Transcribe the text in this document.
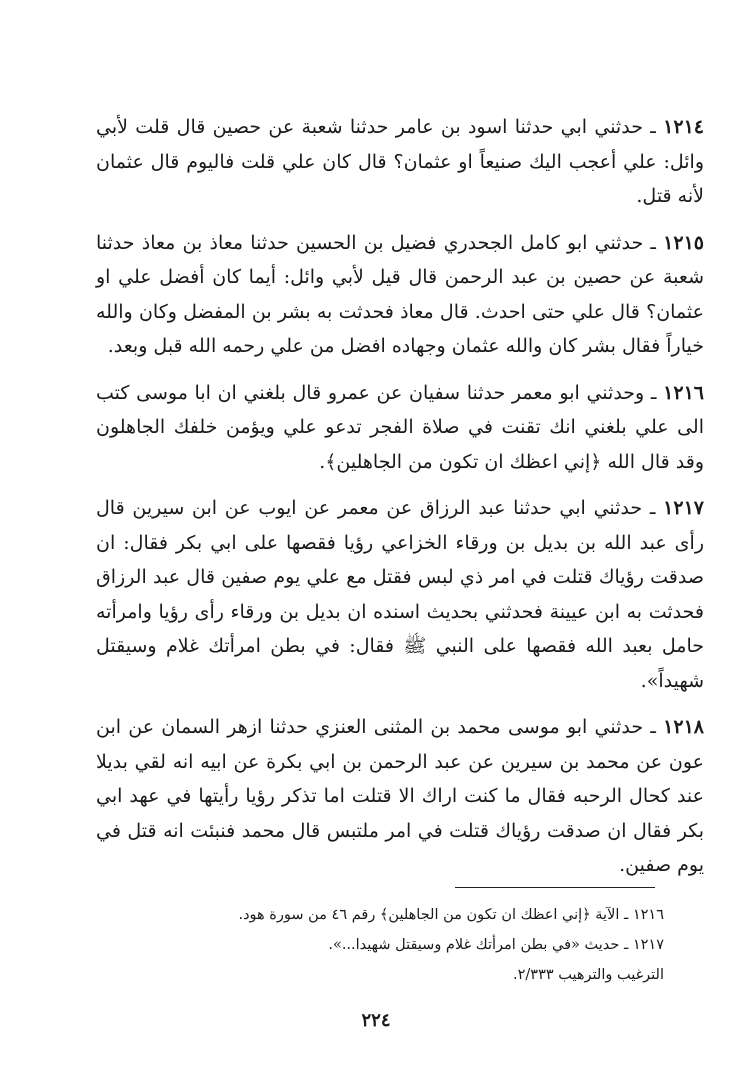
١٢١٤ ـ حدثني ابي حدثنا اسود بن عامر حدثنا شعبة عن حصين قال قلت لأبي وائل: علي أعجب اليك صنيعاً او عثمان؟ قال كان علي قلت فاليوم قال عثمان لأنه قتل.

١٢١٥ ـ حدثني ابو كامل الجحدري فضيل بن الحسين حدثنا معاذ بن معاذ حدثنا شعبة عن حصين بن عبد الرحمن قال قيل لأبي وائل: أيما كان أفضل علي او عثمان؟ قال علي حتى احدث. قال معاذ فحدثت به بشر بن المفضل وكان والله خياراً فقال بشر كان والله عثمان وجهاده افضل من علي رحمه الله قبل وبعد.

١٢١٦ ـ وحدثني ابو معمر حدثنا سفيان عن عمرو قال بلغني ان ابا موسى كتب الى علي بلغني انك تقنت في صلاة الفجر تدعو علي ويؤمن خلفك الجاهلون وقد قال الله ﴿إني اعظك ان تكون من الجاهلين﴾.

١٢١٧ ـ حدثني ابي حدثنا عبد الرزاق عن معمر عن ايوب عن ابن سيرين قال رأى عبد الله بن بديل بن ورقاء الخزاعي رؤيا فقصها على ابي بكر فقال: ان صدقت رؤياك قتلت في امر ذي لبس فقتل مع علي يوم صفين قال عبد الرزاق فحدثت به ابن عيينة فحدثني بحديث اسنده ان بديل بن ورقاء رأى رؤيا وامرأته حامل بعبد الله فقصها على النبي ﷺ فقال: في بطن امرأتك غلام وسيقتل شهيداً».

١٢١٨ ـ حدثني ابو موسى محمد بن المثنى العنزي حدثنا ازهر السمان عن ابن عون عن محمد بن سيرين عن عبد الرحمن بن ابي بكرة عن ابيه انه لقي بديلا عند كحال الرحبه فقال ما كنت اراك الا قتلت اما تذكر رؤيا رأيتها في عهد ابي بكر فقال ان صدقت رؤياك قتلت في امر ملتبس قال محمد فنبئت انه قتل في يوم صفين.

١٢١٦ ـ الآية ﴿إني اعظك ان تكون من الجاهلين﴾ رقم ٤٦ من سورة هود.

١٢١٧ ـ حديث «في بطن امرأتك غلام وسيقتل شهيدا...».

الترغيب والترهيب ٢/٣٣٣.

٢٢٤
